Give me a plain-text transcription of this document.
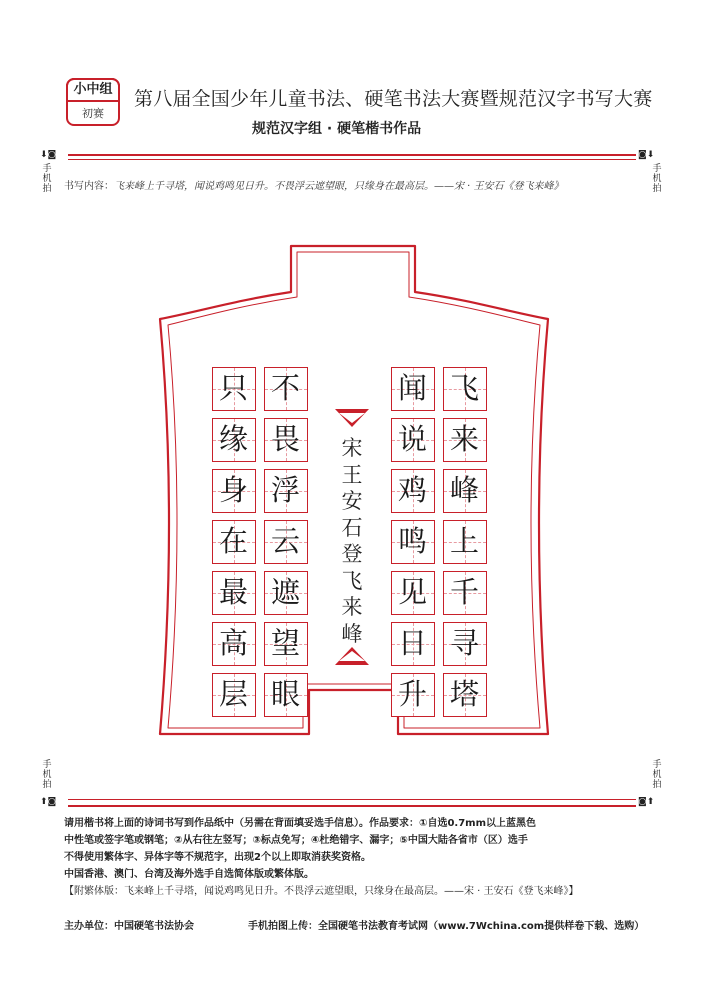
小中组
初赛
第八届全国少年儿童书法、硬笔书法大赛暨规范汉字书写大赛
规范汉字组 · 硬笔楷书作品
⬇◙
手机拍
◙⬇
手机拍
手机拍
⬆◙
手机拍
◙⬆
书写内容：飞来峰上千寻塔，闻说鸡鸣见日升。不畏浮云遮望眼，只缘身在最高层。——宋 · 王安石《登飞来峰》
飞
来
峰
上
千
寻
塔
闻
说
鸡
鸣
见
日
升
不
畏
浮
云
遮
望
眼
只
缘
身
在
最
高
层
宋王安石登飞来峰

请用楷书将上面的诗词书写到作品纸中（另需在背面填妥选手信息）。作品要求：①自选0.7mm以上蓝黑色

中性笔或签字笔或钢笔；②从右往左竖写；③标点免写；④杜绝错字、漏字；⑤中国大陆各省市（区）选手

不得使用繁体字、异体字等不规范字，出现2个以上即取消获奖资格。

中国香港、澳门、台湾及海外选手自选简体版或繁体版。

【附繁体版：飞来峰上千寻塔，闻说鸡鸣见日升。不畏浮云遮望眼，只缘身在最高层。——宋 · 王安石《登飞来峰》】

主办单位：中国硬笔书法协会	手机拍图上传：全国硬笔书法教育考试网（www.7Wchina.com提供样卷下载、选购）
